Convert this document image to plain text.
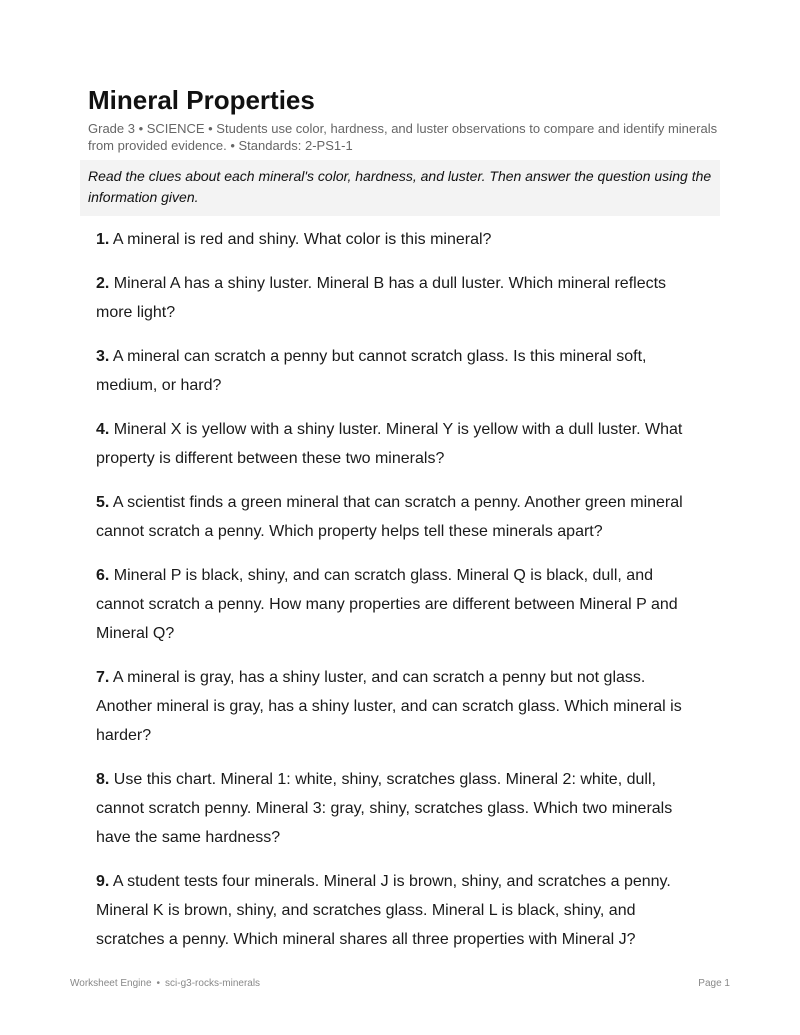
Mineral Properties
Grade 3 • SCIENCE • Students use color, hardness, and luster observations to compare and identify minerals from provided evidence. • Standards: 2-PS1-1
Read the clues about each mineral's color, hardness, and luster. Then answer the question using the information given.
1. A mineral is red and shiny. What color is this mineral?
2. Mineral A has a shiny luster. Mineral B has a dull luster. Which mineral reflects more light?
3. A mineral can scratch a penny but cannot scratch glass. Is this mineral soft, medium, or hard?
4. Mineral X is yellow with a shiny luster. Mineral Y is yellow with a dull luster. What property is different between these two minerals?
5. A scientist finds a green mineral that can scratch a penny. Another green mineral cannot scratch a penny. Which property helps tell these minerals apart?
6. Mineral P is black, shiny, and can scratch glass. Mineral Q is black, dull, and cannot scratch a penny. How many properties are different between Mineral P and Mineral Q?
7. A mineral is gray, has a shiny luster, and can scratch a penny but not glass. Another mineral is gray, has a shiny luster, and can scratch glass. Which mineral is harder?
8. Use this chart. Mineral 1: white, shiny, scratches glass. Mineral 2: white, dull, cannot scratch penny. Mineral 3: gray, shiny, scratches glass. Which two minerals have the same hardness?
9. A student tests four minerals. Mineral J is brown, shiny, and scratches a penny. Mineral K is brown, shiny, and scratches glass. Mineral L is black, shiny, and scratches a penny. Which mineral shares all three properties with Mineral J?
Worksheet Engine • sci-g3-rocks-minerals	Page 1
